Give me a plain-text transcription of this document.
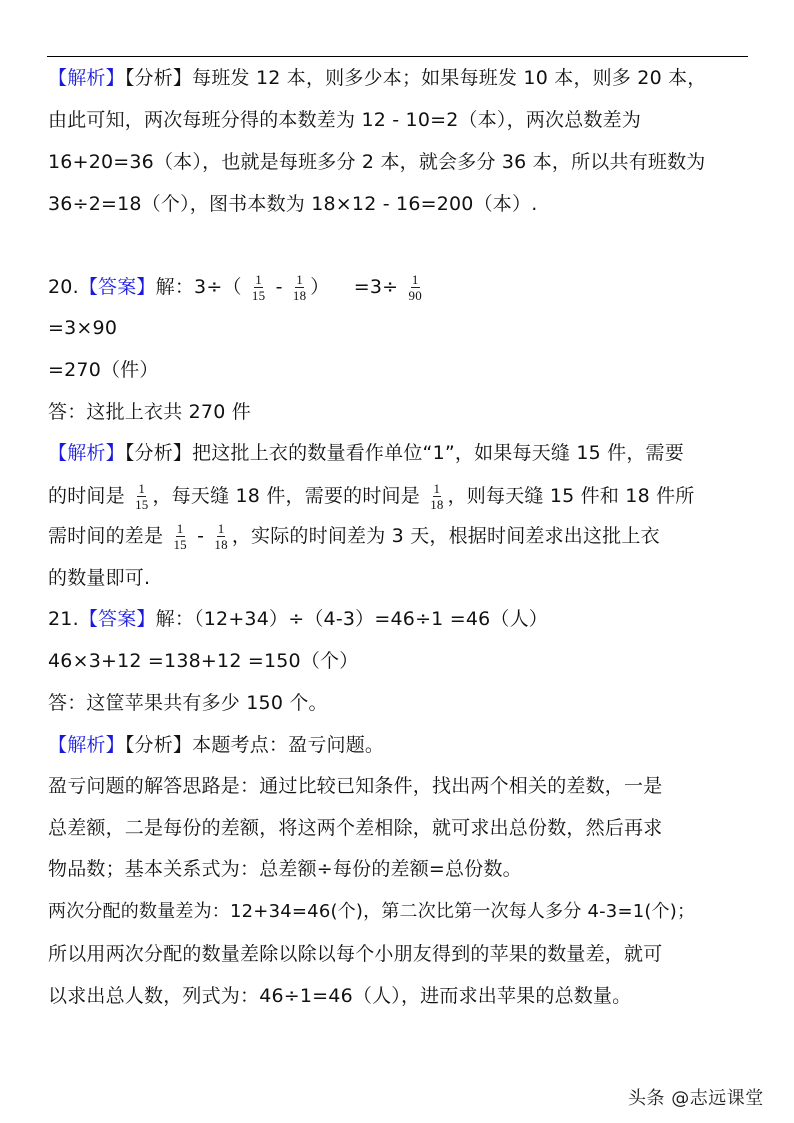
【解析】【分析】每班发 12 本，则多少本；如果每班发 10 本，则多 20 本，
由此可知，两次每班分得的本数差为 12 - 10=2（本），两次总数差为
16+20=36（本），也就是每班多分 2 本，就会多分 36 本，所以共有班数为
36÷2=18（个），图书本数为 18×12 - 16=200（本）.
20.【答案】解：$3\div( \frac{1}{15} - \frac{1}{18}$ ） $=3\div \frac{1}{90}$
=3×90
=270（件）
答：这批上衣共 270 件
【解析】【分析】把这批上衣的数量看作单位“1”，如果每天缝 15 件，需要
的时间是 $\frac{1}{15}$ ，每天缝 18 件，需要的时间是 $\frac{1}{18}$ ，则每天缝 15 件和 18 件所
需时间的差是 $\frac{1}{15} - \frac{1}{18}$ ，实际的时间差为 3 天，根据时间差求出这批上衣
的数量即可.
21.【答案】解：（12+34）÷（4-3）=46÷1 =46（人）
46×3+12 =138+12 =150（个）
答：这筐苹果共有多少 150 个。
【解析】【分析】本题考点：盈亏问题。
盈亏问题的解答思路是：通过比较已知条件，找出两个相关的差数，一是
总差额，二是每份的差额，将这两个差相除，就可求出总份数，然后再求
物品数；基本关系式为：总差额÷每份的差额=总份数。
两次分配的数量差为：12+34=46(个)，第二次比第一次每人多分 4-3=1(个)；
所以用两次分配的数量差除以除以每个小朋友得到的苹果的数量差，就可
以求出总人数，列式为：46÷1=46（人），进而求出苹果的总数量。
头条 @志远课堂
